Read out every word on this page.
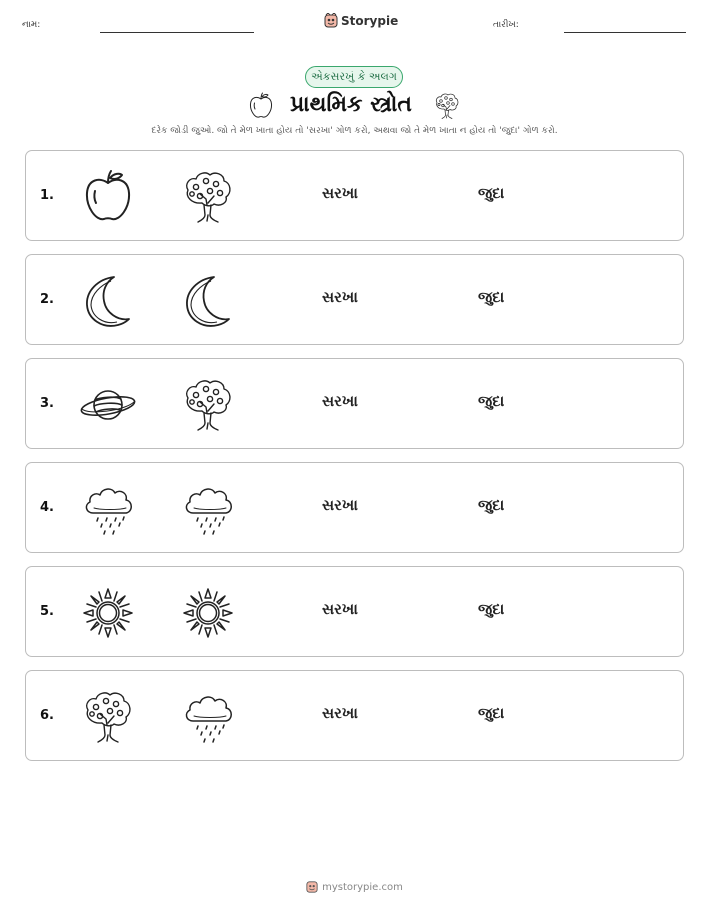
નામ:	Storypie	તારીખ:
એકસરખું કે અલગ
પ્રાથમિક સ્ત્રોત
દરેક જોડી જુઓ. જો તે મેળ ખાતા હોય તો 'સરખા' ગોળ કરો, અથવા જો તે મેળ ખાતા ન હોય તો 'જુદા' ગોળ કરો.
1.	સરખા	જુદા
2.	સરખા	જુદા
3.	સરખા	જુદા
4.	સરખા	જુદા
5.	સરખા	જુદા
6.	સરખા	જુદા
mystorypie.com
